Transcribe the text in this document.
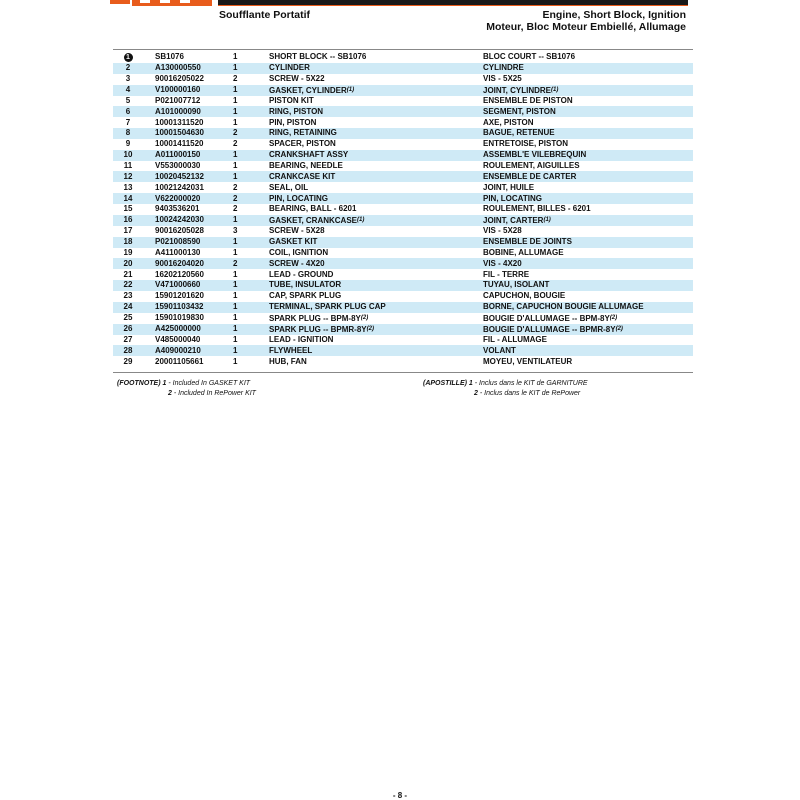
Soufflante Portatif	Engine, Short Block, Ignition
Moteur, Bloc Moteur Embiellé, Allumage
1	SB1076	1	SHORT BLOCK -- SB1076	BLOC COURT -- SB1076
2	A130000550	1	CYLINDER	CYLINDRE
3	90016205022	2	SCREW - 5X22	VIS - 5X25
4	V100000160	1	GASKET, CYLINDER$^{(1)}$	JOINT, CYLINDRE$^{(1)}$
5	P021007712	1	PISTON KIT	ENSEMBLE DE PISTON
6	A101000090	1	RING, PISTON	SEGMENT, PISTON
7	10001311520	1	PIN, PISTON	AXE, PISTON
8	10001504630	2	RING, RETAINING	BAGUE, RETENUE
9	10001411520	2	SPACER, PISTON	ENTRETOISE, PISTON
10	A011000150	1	CRANKSHAFT ASSY	ASSEMBL'E VILEBREQUIN
11	V553000030	1	BEARING, NEEDLE	ROULEMENT, AIGUILLES
12	10020452132	1	CRANKCASE KIT	ENSEMBLE DE CARTER
13	10021242031	2	SEAL, OIL	JOINT, HUILE
14	V622000020	2	PIN, LOCATING	PIN, LOCATING
15	9403536201	2	BEARING, BALL - 6201	ROULEMENT, BILLES - 6201
16	10024242030	1	GASKET, CRANKCASE$^{(1)}$	JOINT, CARTER$^{(1)}$
17	90016205028	3	SCREW - 5X28	VIS - 5X28
18	P021008590	1	GASKET KIT	ENSEMBLE DE JOINTS
19	A411000130	1	COIL, IGNITION	BOBINE, ALLUMAGE
20	90016204020	2	SCREW - 4X20	VIS - 4X20
21	16202120560	1	LEAD - GROUND	FIL - TERRE
22	V471000660	1	TUBE, INSULATOR	TUYAU, ISOLANT
23	15901201620	1	CAP, SPARK PLUG	CAPUCHON, BOUGIE
24	15901103432	1	TERMINAL, SPARK PLUG CAP	BORNE, CAPUCHON BOUGIE ALLUMAGE
25	15901019830	1	SPARK PLUG -- BPM-8Y$^{(2)}$	BOUGIE D'ALLUMAGE -- BPM-8Y$^{(2)}$
26	A425000000	1	SPARK PLUG -- BPMR-8Y$^{(2)}$	BOUGIE D'ALLUMAGE -- BPMR-8Y$^{(2)}$
27	V485000040	1	LEAD - IGNITION	FIL - ALLUMAGE
28	A409000210	1	FLYWHEEL	VOLANT
29	20001105661	1	HUB, FAN	MOYEU, VENTILATEUR
(FOOTNOTE) 1 - Included In GASKET KIT
2 - Included In RePower KIT
(APOSTILLE) 1 - Inclus dans le KIT de GARNITURE
2 - Inclus dans le KIT de RePower
- 8 -
